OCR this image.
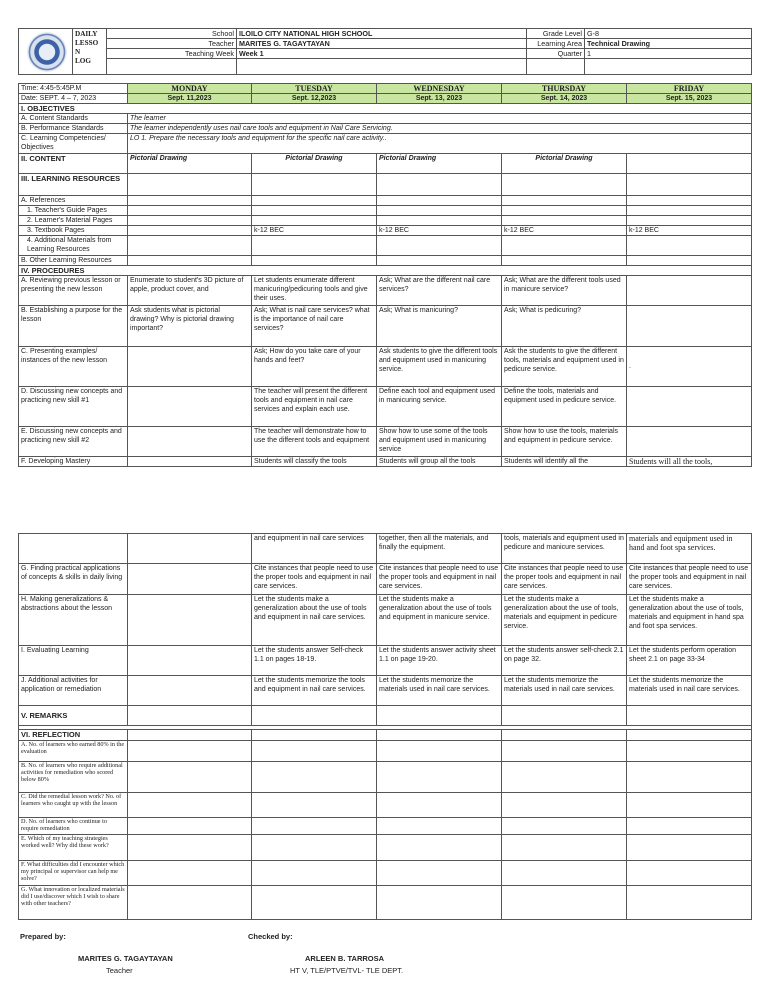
	DAILY
LESSO
N
LOG	School	ILOILO CITY NATIONAL HIGH SCHOOL	Grade Level	G-8
		Teacher	MARITES G. TAGAYTAYAN	Learning Area	Technical Drawing
		Teaching Week	Week 1	Quarter	1

Time: 4:45-5:45P.M	MONDAY	TUESDAY	WEDNESDAY	THURSDAY	FRIDAY
Date: SEPT. 4 – 7, 2023	Sept. 11,2023	Sept. 12,2023	Sept. 13, 2023	Sept. 14, 2023	Sept. 15, 2023
I. OBJECTIVES					
A. Content Standards	The learner				
B. Performance Standards	The learner independently uses nail care tools and equipment in Nail Care Servicing.				
C. Learning Competencies/ Objectives	LO 1. Prepare the necessary tools and equipment for the specific nail care activity..				
II. CONTENT	Pictorial Drawing	Pictorial Drawing	Pictorial Drawing	Pictorial Drawing	
III. LEARNING RESOURCES					
A. References					
1. Teacher's Guide Pages					
2. Learner's Material Pages					
3. Textbook Pages		k-12 BEC	k-12 BEC	k-12 BEC	k-12 BEC
4. Additional Materials from Learning Resources					
B. Other Learning Resources					
IV. PROCEDURES					
A. Reviewing previous lesson or presenting the new lesson	Enumerate to student's 3D picture of apple, product cover, and	Let students enumerate different manicuring/pedicuring tools and give their uses.	Ask; What are the different nail care services?	Ask; What are the different tools used in manicure service?	
B. Establishing a purpose for the lesson	Ask students what is pictorial drawing? Why is pictorial drawing important?	Ask; What is nail care services? what is the importance of nail care services?	Ask; What is manicuring?	Ask; What is pedicuring?	
C. Presenting examples/ instances of the new lesson		Ask; How do you take care of your hands and feet?	Ask students to give the different tools and equipment used in manicuring service.	Ask the students to give the different tools, materials and equipment used in pedicure service.	.
D. Discussing new concepts and practicing new skill #1		The teacher will present the different tools and equipment in nail care services and explain each use.	Define each tool and equipment used in manicuring service.	Define the tools, materials and equipment used in pedicure service.	
E. Discussing new concepts and practicing new skill #2		The teacher will demonstrate how to use the different tools and equipment	Show how to use some of the tools and equipment used in manicuring service	Show how to use the tools, materials and equipment in pedicure service.	
F. Developing Mastery		Students will classify the tools	Students will group all the tools	Students will identify all the	Students will all the tools,
		and equipment in nail care services	together, then all the materials, and finally the equipment.	tools, materials and equipment used in pedicure and manicure services.	materials and equipment used in hand and foot spa services.
G. Finding practical applications of concepts & skills in daily living		Cite instances that people need to use the proper tools and equipment in nail care services.	Cite instances that people need to use the proper tools and equipment in nail care services.	Cite instances that people need to use the proper tools and equipment in nail care services.	Cite instances that people need to use the proper tools and equipment in nail care services.
H. Making generalizations & abstractions about the lesson		Let the students make a generalization about the use of tools and equipment in nail care services.	Let the students make a generalization about the use of tools and equipment in manicure service.	Let the students make a generalization about the use of tools, materials and equipment in pedicure service.	Let the students make a generalization about the use of tools, materials and equipment in hand spa and foot spa services.
I. Evaluating Learning		Let the students answer Self-check 1.1 on pages 18-19.	Let the students answer activity sheet 1.1 on page 19-20.	Let the students answer self-check 2.1 on page 32.	Let the students perform operation sheet 2.1 on page 33-34
J. Additional activities for application or remediation		Let the students memorize the tools and equipment in nail care services.	Let the students memorize the materials used in nail care services.	Let the students memorize the materials used in nail care services.	Let the students memorize the materials used in nail care services.
V. REMARKS					

VI. REFLECTION					
A. No. of learners who earned 80% in the evaluation					
B. No. of learners who require additional activities for remediation who scored below 80%					
C. Did the remedial lesson work? No. of learners who caught up with the lesson					
D. No. of learners who continue to require remediation					
E. Which of my teaching strategies worked well? Why did these work?					
F. What difficulties did I encounter which my principal or supervisor can help me solve?					
G. What innovation or localized materials did I use/discover which I wish to share with other teachers?					
Prepared by:	Checked by:
MARITES G. TAGAYTAYAN
Teacher
ARLEEN B. TARROSA
HT V, TLE/PTVE/TVL- TLE DEPT.
